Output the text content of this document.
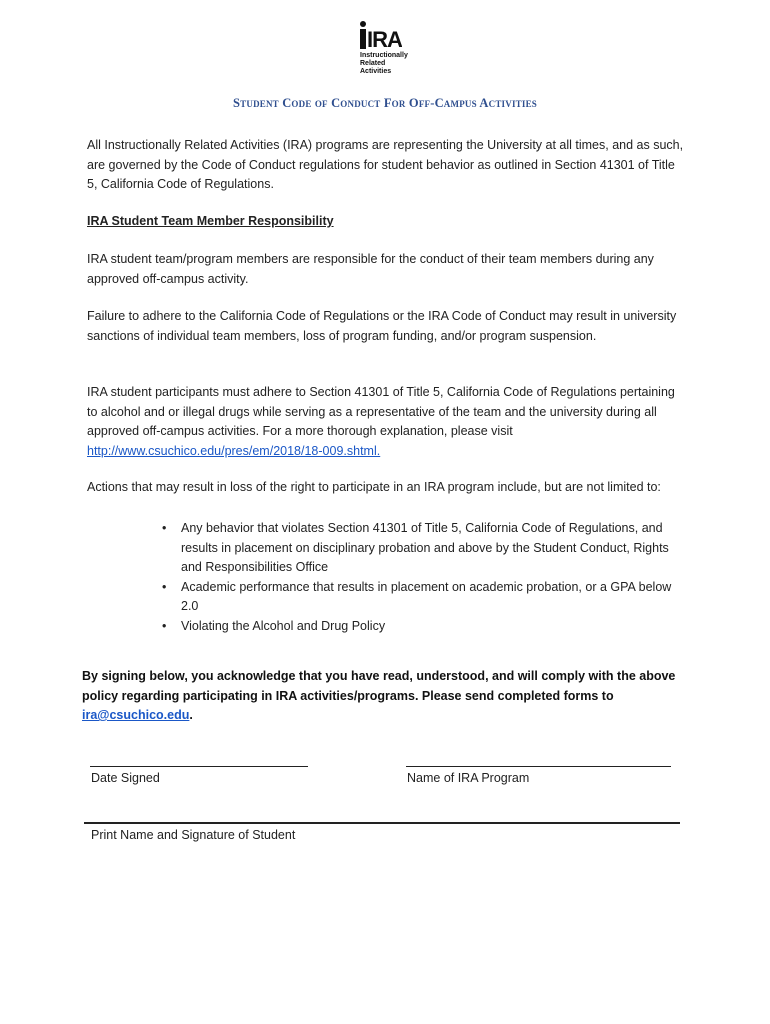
IRA
Instructionally
Related
Activities
Student Code of Conduct For Off-Campus Activities
All Instructionally Related Activities (IRA) programs are representing the University at all times, and as such, are governed by the Code of Conduct regulations for student behavior as outlined in Section 41301 of Title 5, California Code of Regulations.
IRA Student Team Member Responsibility
IRA student team/program members are responsible for the conduct of their team members during any approved off-campus activity.
Failure to adhere to the California Code of Regulations or the IRA Code of Conduct may result in university sanctions of individual team members, loss of program funding, and/or program suspension.
IRA student participants must adhere to Section 41301 of Title 5, California Code of Regulations pertaining to alcohol and or illegal drugs while serving as a representative of the team and the university during all approved off-campus activities. For a more thorough explanation, please visit http://www.csuchico.edu/pres/em/2018/18-009.shtml.
Actions that may result in loss of the right to participate in an IRA program include, but are not limited to:
• Any behavior that violates Section 41301 of Title 5, California Code of Regulations, and results in placement on disciplinary probation and above by the Student Conduct, Rights and Responsibilities Office
• Academic performance that results in placement on academic probation, or a GPA below 2.0
• Violating the Alcohol and Drug Policy
By signing below, you acknowledge that you have read, understood, and will comply with the above policy regarding participating in IRA activities/programs. Please send completed forms to ira@csuchico.edu.
Date Signed	Name of IRA Program
Print Name and Signature of Student
